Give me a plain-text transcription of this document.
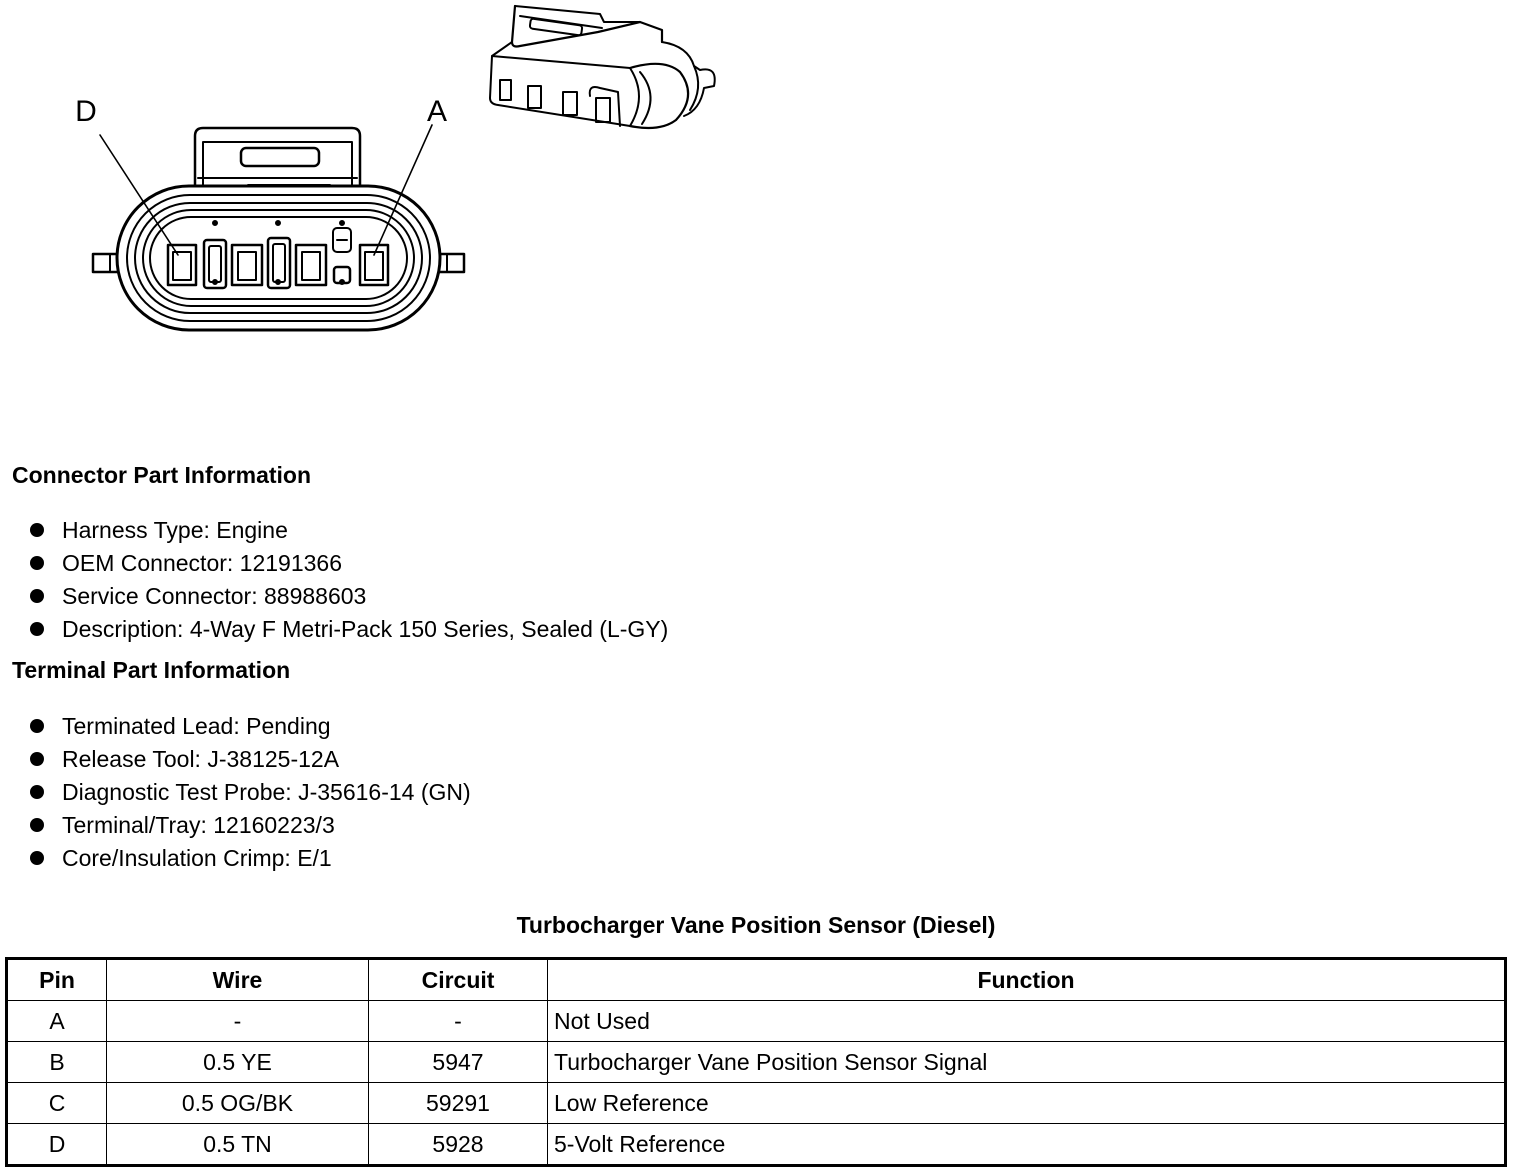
D	A
Connector Part Information
Harness Type: Engine
OEM Connector: 12191366
Service Connector: 88988603
Description: 4-Way F Metri-Pack 150 Series, Sealed (L-GY)
Terminal Part Information
Terminated Lead: Pending
Release Tool: J-38125-12A
Diagnostic Test Probe: J-35616-14 (GN)
Terminal/Tray: 12160223/3
Core/Insulation Crimp: E/1
Turbocharger Vane Position Sensor (Diesel)
Pin	Wire	Circuit	Function
A	-	-	Not Used
B	0.5 YE	5947	Turbocharger Vane Position Sensor Signal
C	0.5 OG/BK	59291	Low Reference
D	0.5 TN	5928	5-Volt Reference
